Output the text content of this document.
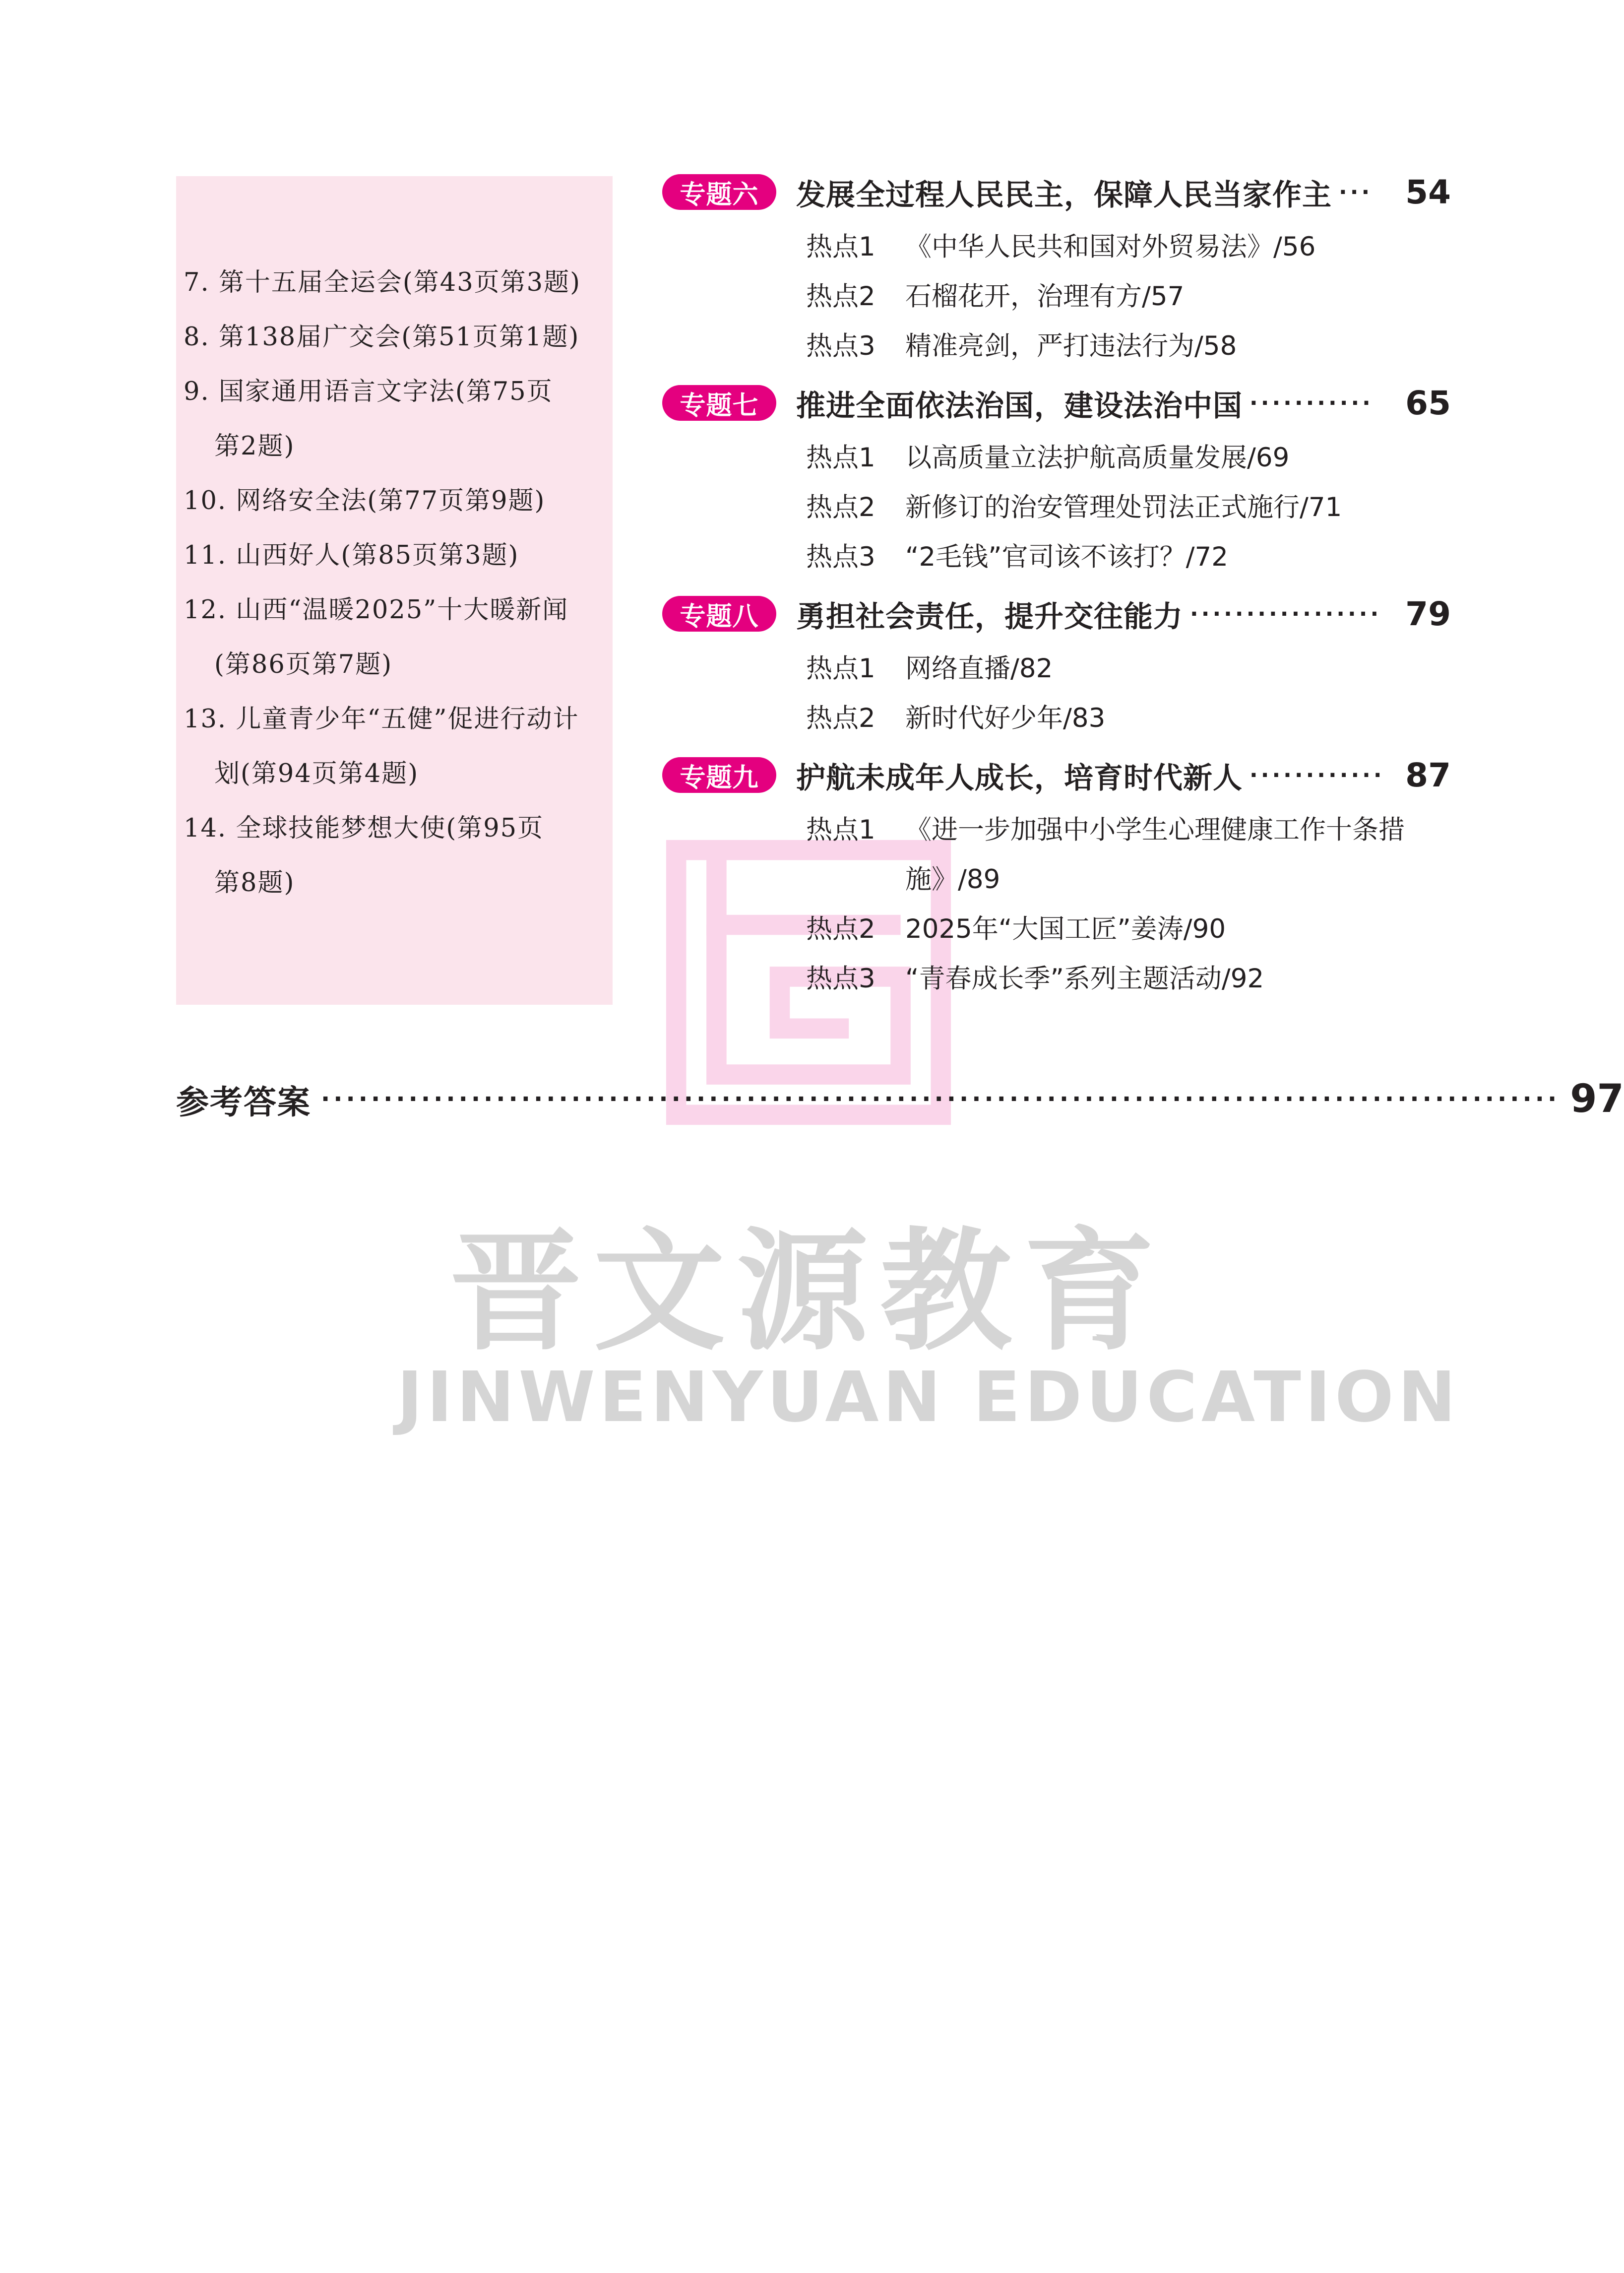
7. 第十五届全运会(第43页第3题)
8. 第138届广交会(第51页第1题)
9. 国家通用语言文字法(第75页
第2题)
10. 网络安全法(第77页第9题)
11. 山西好人(第85页第3题)
12. 山西“温暖2025”十大暖新闻
(第86页第7题)
13. 儿童青少年“五健”促进行动计
划(第94页第4题)
14. 全球技能梦想大使(第95页
第8题)
晋文源教育
JINWENYUAN EDUCATION
专题六	发展全过程人民民主，保障人民当家作主 ··· 54
热点1 《中华人民共和国对外贸易法》/56
热点2 石榴花开，治理有方/57
热点3 精准亮剑，严打违法行为/58
专题七	推进全面依法治国，建设法治中国 ··········· 65
热点1 以高质量立法护航高质量发展/69
热点2 新修订的治安管理处罚法正式施行/71
热点3 “2毛钱”官司该不该打？/72
专题八	勇担社会责任，提升交往能力 ················· 79
热点1 网络直播/82
热点2 新时代好少年/83
专题九	护航未成年人成长，培育时代新人 ············ 87
热点1 《进一步加强中小学生心理健康工作十条措
施》/89
热点2 2025年“大国工匠”姜涛/90
热点3 “青春成长季”系列主题活动/92
参考答案 ··································································································· 97
